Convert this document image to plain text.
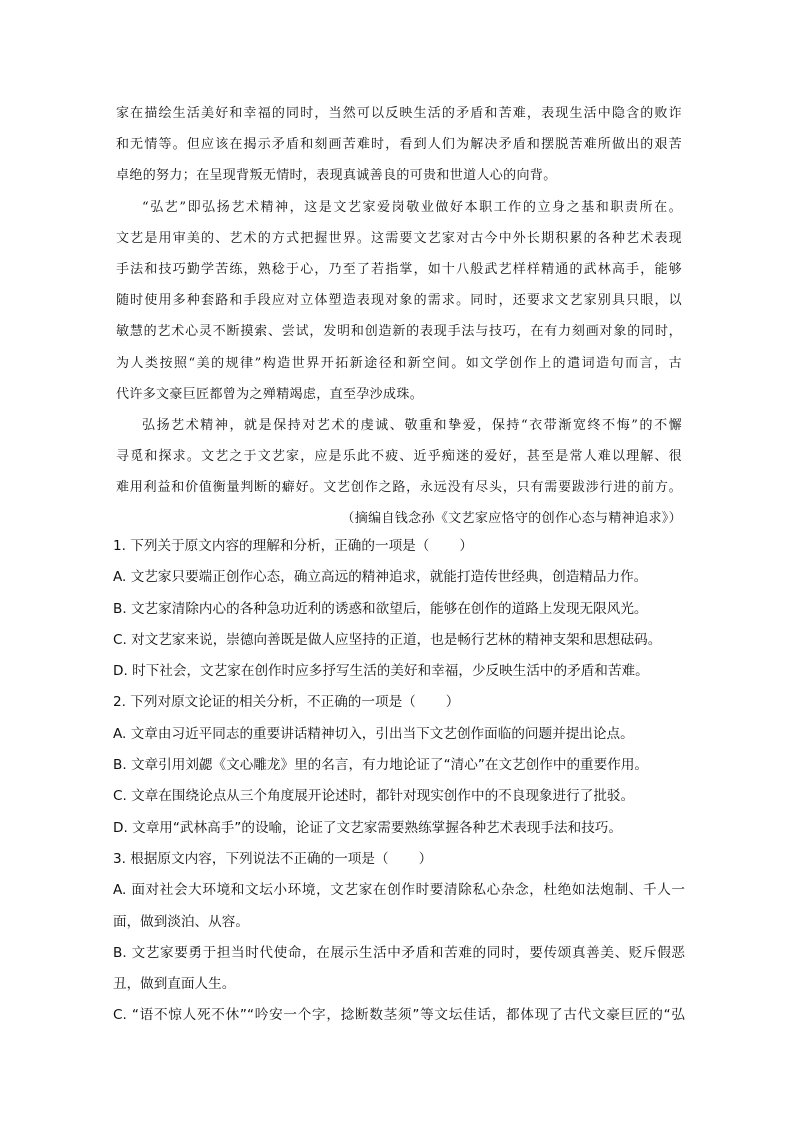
家在描绘生活美好和幸福的同时，当然可以反映生活的矛盾和苦难，表现生活中隐含的败诈
和无情等。但应该在揭示矛盾和刻画苦难时，看到人们为解决矛盾和摆脱苦难所做出的艰苦
卓绝的努力；在呈现背叛无情时，表现真诚善良的可贵和世道人心的向背。
“弘艺”即弘扬艺术精神，这是文艺家爱岗敬业做好本职工作的立身之基和职责所在。
文艺是用审美的、艺术的方式把握世界。这需要文艺家对古今中外长期积累的各种艺术表现
手法和技巧勤学苦练，熟稔于心，乃至了若指掌，如十八般武艺样样精通的武林高手，能够
随时使用多种套路和手段应对立体塑造表现对象的需求。同时，还要求文艺家别具只眼，以
敏慧的艺术心灵不断摸索、尝试，发明和创造新的表现手法与技巧，在有力刻画对象的同时，
为人类按照“美的规律”构造世界开拓新途径和新空间。如文学创作上的遣词造句而言，古
代许多文豪巨匠都曾为之殚精竭虑，直至孕沙成珠。
弘扬艺术精神，就是保持对艺术的虔诚、敬重和挚爱，保持“衣带渐宽终不悔”的不懈
寻觅和探求。文艺之于文艺家，应是乐此不疲、近乎痴迷的爱好，甚至是常人难以理解、很
难用利益和价值衡量判断的癖好。文艺创作之路，永远没有尽头，只有需要跋涉行进的前方。
（摘编自钱念孙《文艺家应恪守的创作心态与精神追求》）
1. 下列关于原文内容的理解和分析，正确的一项是（ ）
A. 文艺家只要端正创作心态，确立高远的精神追求，就能打造传世经典，创造精品力作。
B. 文艺家清除内心的各种急功近利的诱惑和欲望后，能够在创作的道路上发现无限风光。
C. 对文艺家来说，崇德向善既是做人应坚持的正道，也是畅行艺林的精神支架和思想砝码。
D. 时下社会，文艺家在创作时应多抒写生活的美好和幸福，少反映生活中的矛盾和苦难。
2. 下列对原文论证的相关分析，不正确的一项是（ ）
A. 文章由习近平同志的重要讲话精神切入，引出当下文艺创作面临的问题并提出论点。
B. 文章引用刘勰《文心雕龙》里的名言，有力地论证了“清心”在文艺创作中的重要作用。
C. 文章在围绕论点从三个角度展开论述时，都针对现实创作中的不良现象进行了批驳。
D. 文章用“武林高手”的设喻，论证了文艺家需要熟练掌握各种艺术表现手法和技巧。
3. 根据原文内容，下列说法不正确的一项是（ ）
A. 面对社会大环境和文坛小环境，文艺家在创作时要清除私心杂念，杜绝如法炮制、千人一
面，做到淡泊、从容。
B. 文艺家要勇于担当时代使命，在展示生活中矛盾和苦难的同时，要传颂真善美、贬斥假恶
丑，做到直面人生。
C. “语不惊人死不休”“吟安一个字，捻断数茎须”等文坛佳话，都体现了古代文豪巨匠的“弘
